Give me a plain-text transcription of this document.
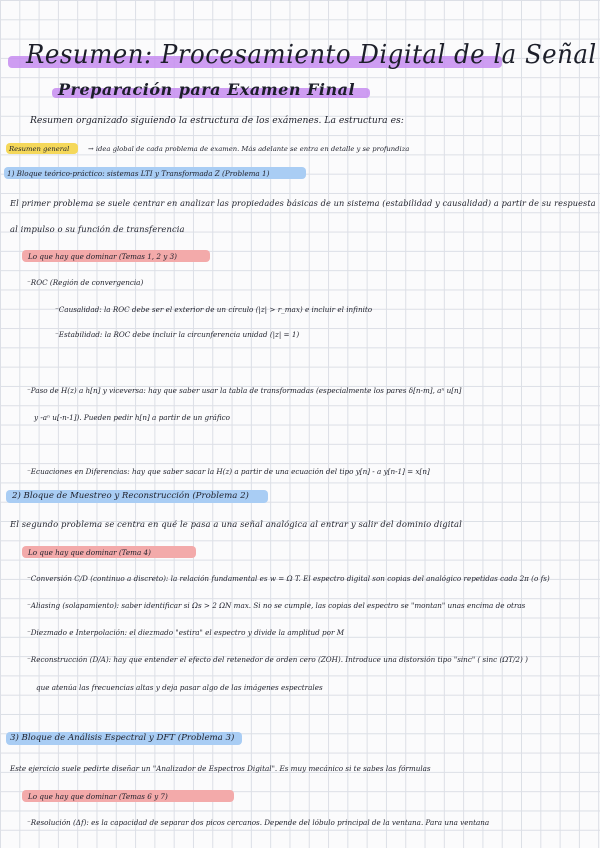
Resumen: Procesamiento Digital de la Señal
Preparación para Examen Final
Resumen organizado siguiendo la estructura de los exámenes. La estructura es:
Resumen general	→ idea global de cada problema de examen. Más adelante se entra en detalle y se profundiza
1) Bloque teórico-práctico: sistemas LTI y Transformada Z (Problema 1)
El primer problema se suele centrar en analizar las propiedades básicas de un sistema (estabilidad y causalidad) a partir de su respuesta
al impulso o su función de transferencia
Lo que hay que dominar (Temas 1, 2 y 3)
⁻ROC (Región de convergencia)
⁻Causalidad: la ROC debe ser el exterior de un círculo (|z| > r_max) e incluir el infinito
⁻Estabilidad: la ROC debe incluir la circunferencia unidad (|z| = 1)
⁻Paso de H(z) a h[n] y viceversa: hay que saber usar la tabla de transformadas (especialmente los pares δ[n-m], aⁿ u[n]
y -aⁿ u[-n-1]). Pueden pedir h[n] a partir de un gráfico
⁻Ecuaciones en Diferencias: hay que saber sacar la H(z) a partir de una ecuación del tipo y[n] - a y[n-1] = x[n]
2) Bloque de Muestreo y Reconstrucción (Problema 2)
El segundo problema se centra en qué le pasa a una señal analógica al entrar y salir del dominio digital
Lo que hay que dominar (Tema 4)
⁻Conversión C/D (continuo a discreto): la relación fundamental es w = Ω T. El espectro digital son copias del analógico repetidas cada 2π (o fs)
⁻Aliasing (solapamiento): saber identificar si Ωs > 2 ΩN max. Si no se cumple, las copias del espectro se "montan" unas encima de otras
⁻Diezmado e Interpolación: el diezmado "estira" el espectro y divide la amplitud por M
⁻Reconstrucción (D/A): hay que entender el efecto del retenedor de orden cero (ZOH). Introduce una distorsión tipo "sinc" ( sinc (ΩT/2) )
que atenúa las frecuencias altas y deja pasar algo de las imágenes espectrales
3) Bloque de Análisis Espectral y DFT (Problema 3)
Este ejercicio suele pedirte diseñar un "Analizador de Espectros Digital". Es muy mecánico si te sabes las fórmulas
Lo que hay que dominar (Temas 6 y 7)
⁻Resolución (Δf): es la capacidad de separar dos picos cercanos. Depende del lóbulo principal de la ventana. Para una ventana
